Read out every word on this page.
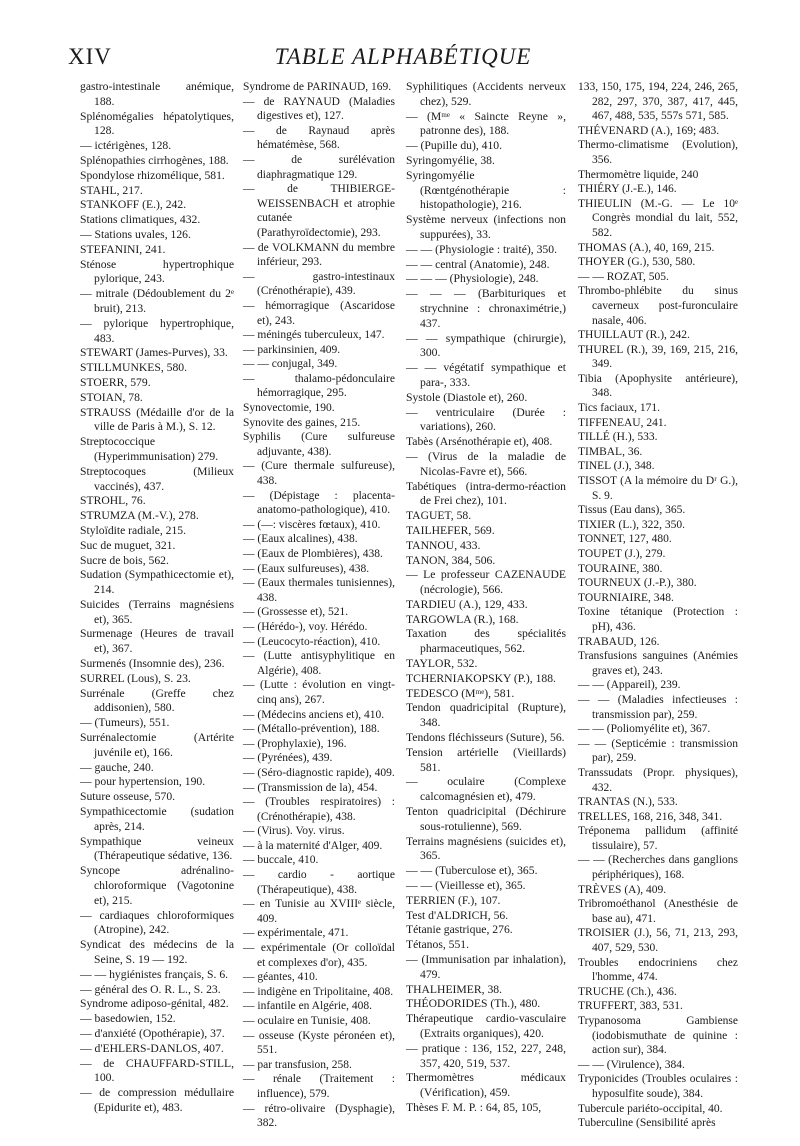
XIV	TABLE ALPHABÉTIQUE
gastro-intestinale anémique, 188.
Splénomégalies hépatolytiques, 128.
— ictérigènes, 128.
Splénopathies cirrhogènes, 188.
Spondylose rhizomélique, 581.
STAHL, 217.
STANKOFF (E.), 242.
Stations climatiques, 432.
— Stations uvales, 126.
STEFANINI, 241.
Sténose hypertrophique pylorique, 243.
— mitrale (Dédoublement du 2ᵉ bruit), 213.
— pylorique hypertrophique, 483.
STEWART (James-Purves), 33.
STILLMUNKES, 580.
STOERR, 579.
STOIAN, 78.
STRAUSS (Médaille d'or de la ville de Paris à M.), S. 12.
Streptococcique (Hyperimmunisation) 279.
Streptocoques (Milieux vaccinés), 437.
STROHL, 76.
STRUMZA (M.-V.), 278.
Styloïdite radiale, 215.
Suc de muguet, 321.
Sucre de bois, 562.
Sudation (Sympathicectomie et), 214.
Suicides (Terrains magnésiens et), 365.
Surmenage (Heures de travail et), 367.
Surmenés (Insomnie des), 236.
SURREL (Lous), S. 23.
Surrénale (Greffe chez addisonien), 580.
— (Tumeurs), 551.
Surrénalectomie (Artérite juvénile et), 166.
— gauche, 240.
— pour hypertension, 190.
Suture osseuse, 570.
Sympathicectomie (sudation après, 214.
Sympathique veineux (Thérapeutique sédative, 136.
Syncope adrénalino-chloroformique (Vagotonine et), 215.
— cardiaques chloroformiques (Atropine), 242.
Syndicat des médecins de la Seine, S. 19 — 192.
— — hygiénistes français, S. 6.
— général des O. R. L., S. 23.
Syndrome adiposo-génital, 482.
— basedowien, 152.
— d'anxiété (Opothérapie), 37.
— d'EHLERS-DANLOS, 407.
— de CHAUFFARD-STILL, 100.
— de compression médullaire (Epidurite et), 483.
Syndrome de PARINAUD, 169.
— de RAYNAUD (Maladies digestives et), 127.
— de Raynaud après hématémèse, 568.
— de surélévation diaphragmatique 129.
— de THIBIERGE-WEISSENBACH et atrophie cutanée (Parathyroïdectomie), 293.
— de VOLKMANN du membre inférieur, 293.
— gastro-intestinaux (Crénothérapie), 439.
— hémorragique (Ascaridose et), 243.
— méningés tuberculeux, 147.
— parkinsinien, 409.
— — conjugal, 349.
— thalamo-pédonculaire hémorragique, 295.
Synovectomie, 190.
Synovite des gaines, 215.
Syphilis (Cure sulfureuse adjuvante, 438).
— (Cure thermale sulfureuse), 438.
— (Dépistage : placenta-anatomo-pathologique), 410.
— (—: viscères fœtaux), 410.
— (Eaux alcalines), 438.
— (Eaux de Plombières), 438.
— (Eaux sulfureuses), 438.
— (Eaux thermales tunisiennes), 438.
— (Grossesse et), 521.
— (Hérédo-), voy. Hérédo.
— (Leucocyto-réaction), 410.
— (Lutte antisyphylitique en Algérie), 408.
— (Lutte : évolution en vingt-cinq ans), 267.
— (Médecins anciens et), 410.
— (Métallo-prévention), 188.
— (Prophylaxie), 196.
— (Pyrénées), 439.
— (Séro-diagnostic rapide), 409.
— (Transmission de la), 454.
— (Troubles respiratoires) : (Crénothérapie), 438.
— (Virus). Voy. virus.
— à la maternité d'Alger, 409.
— buccale, 410.
— cardio - aortique (Thérapeutique), 438.
— en Tunisie au XVIIIᵉ siècle, 409.
— expérimentale, 471.
— expérimentale (Or colloïdal et complexes d'or), 435.
— géantes, 410.
— indigène en Tripolitaine, 408.
— infantile en Algérie, 408.
— oculaire en Tunisie, 408.
— osseuse (Kyste péronéen et), 551.
— par transfusion, 258.
— rénale (Traitement : influence), 579.
— rétro-olivaire (Dysphagie), 382.
Syphilitiques (Accidents nerveux chez), 529.
— (Mᵐᵉ « Saincte Reyne », patronne des), 188.
— (Pupille du), 410.
Syringomyélie, 38.
Syringomyélie (Rœntgénothérapie : histopathologie), 216.
Système nerveux (infections non suppurées), 33.
— — (Physiologie : traité), 350.
— — central (Anatomie), 248.
— — — (Physiologie), 248.
— — — (Barbituriques et strychnine : chronaximétrie,) 437.
— — sympathique (chirurgie), 300.
— — végétatif sympathique et para-, 333.
Systole (Diastole et), 260.
— ventriculaire (Durée : variations), 260.
Tabès (Arsénothérapie et), 408.
— (Virus de la maladie de Nicolas-Favre et), 566.
Tabétiques (intra-dermo-réaction de Frei chez), 101.
TAGUET, 58.
TAILHEFER, 569.
TANNOU, 433.
TANON, 384, 506.
— Le professeur CAZENAUDE (nécrologie), 566.
TARDIEU (A.), 129, 433.
TARGOWLA (R.), 168.
Taxation des spécialités pharmaceutiques, 562.
TAYLOR, 532.
TCHERNIAKOPSKY (P.), 188.
TEDESCO (Mᵐᵉ), 581.
Tendon quadricipital (Rupture), 348.
Tendons fléchisseurs (Suture), 56.
Tension artérielle (Vieillards) 581.
— oculaire (Complexe calcomagnésien et), 479.
Tenton quadricipital (Déchirure sous-rotulienne), 569.
Terrains magnésiens (suicides et), 365.
— — (Tuberculose et), 365.
— — (Vieillesse et), 365.
TERRIEN (F.), 107.
Test d'ALDRICH, 56.
Tétanie gastrique, 276.
Tétanos, 551.
— (Immunisation par inhalation), 479.
THALHEIMER, 38.
THÉODORIDES (Th.), 480.
Thérapeutique cardio-vasculaire (Extraits organiques), 420.
— pratique : 136, 152, 227, 248, 357, 420, 519, 537.
Thermomètres médicaux (Vérification), 459.
Thèses F. M. P. : 64, 85, 105,
133, 150, 175, 194, 224, 246, 265, 282, 297, 370, 387, 417, 445, 467, 488, 535, 557s 571, 585.
THÉVENARD (A.), 169; 483.
Thermo-climatisme (Evolution), 356.
Thermomètre liquide, 240
THIÉRY (J.-E.), 146.
THIEULIN (M.-G. — Le 10ᵉ Congrès mondial du lait, 552, 582.
THOMAS (A.), 40, 169, 215.
THOYER (G.), 530, 580.
— — ROZAT, 505.
Thrombo-phlébite du sinus caverneux post-furonculaire nasale, 406.
THUILLAUT (R.), 242.
THUREL (R.), 39, 169, 215, 216, 349.
Tibia (Apophysite antérieure), 348.
Tics faciaux, 171.
TIFFENEAU, 241.
TILLÉ (H.), 533.
TIMBAL, 36.
TINEL (J.), 348.
TISSOT (A la mémoire du Dʳ G.), S. 9.
Tissus (Eau dans), 365.
TIXIER (L.), 322, 350.
TONNET, 127, 480.
TOUPET (J.), 279.
TOURAINE, 380.
TOURNEUX (J.-P.), 380.
TOURNIAIRE, 348.
Toxine tétanique (Protection : pH), 436.
TRABAUD, 126.
Transfusions sanguines (Anémies graves et), 243.
— — (Appareil), 239.
— — (Maladies infectieuses : transmission par), 259.
— — (Poliomyélite et), 367.
— — (Septicémie : transmission par), 259.
Transsudats (Propr. physiques), 432.
TRANTAS (N.), 533.
TRELLES, 168, 216, 348, 341.
Tréponema pallidum (affinité tissulaire), 57.
— — (Recherches dans ganglions périphériques), 168.
TRÈVES (A), 409.
Tribromoéthanol (Anesthésie de base au), 471.
TROISIER (J.), 56, 71, 213, 293, 407, 529, 530.
Troubles endocriniens chez l'homme, 474.
TRUCHE (Ch.), 436.
TRUFFERT, 383, 531.
Trypanosoma Gambiense (iodobismuthate de quinine : action sur), 384.
— — (Virulence), 384.
Tryponicides (Troubles oculaires : hyposulfite soude), 384.
Tubercule pariéto-occipital, 40.
Tuberculine (Sensibilité après
